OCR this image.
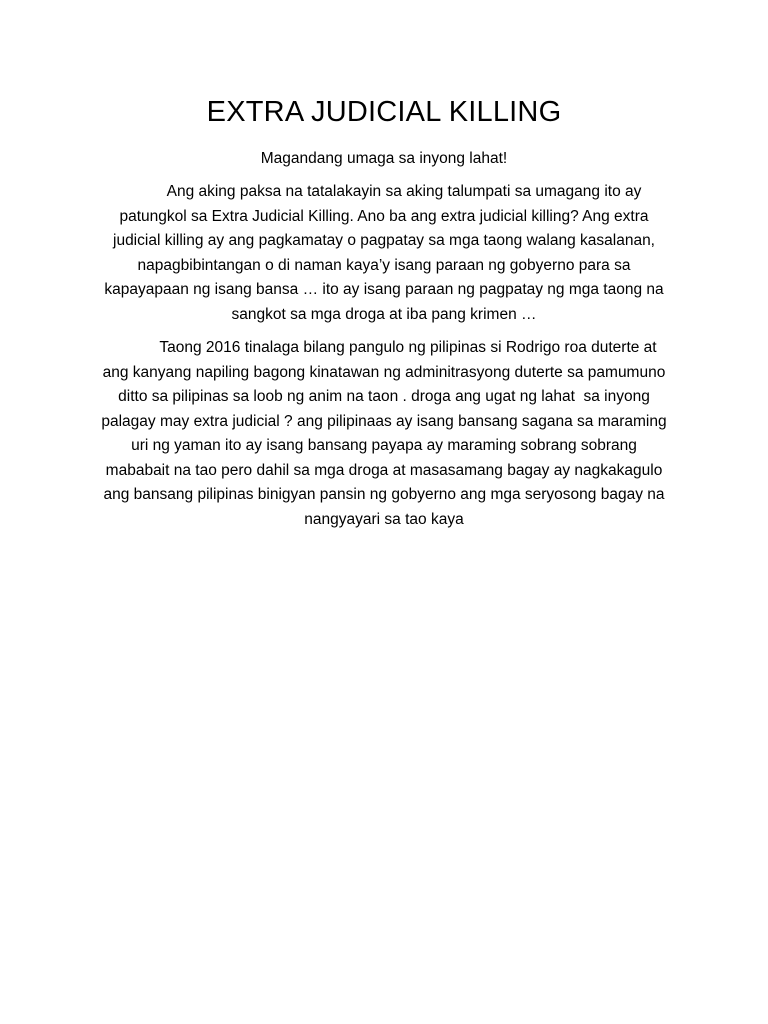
EXTRA JUDICIAL KILLING
Magandang umaga sa inyong lahat!
Ang aking paksa na tatalakayin sa aking talumpati sa umagang ito ay
patungkol sa Extra Judicial Killing. Ano ba ang extra judicial killing? Ang extra
judicial killing ay ang pagkamatay o pagpatay sa mga taong walang kasalanan,
napagbibintangan o di naman kaya’y isang paraan ng gobyerno para sa
kapayapaan ng isang bansa … ito ay isang paraan ng pagpatay ng mga taong na
sangkot sa mga droga at iba pang krimen …
Taong 2016 tinalaga bilang pangulo ng pilipinas si Rodrigo roa duterte at
ang kanyang napiling bagong kinatawan ng adminitrasyong duterte sa pamumuno
ditto sa pilipinas sa loob ng anim na taon . droga ang ugat ng lahat  sa inyong
palagay may extra judicial ? ang pilipinaas ay isang bansang sagana sa maraming
uri ng yaman ito ay isang bansang payapa ay maraming sobrang sobrang
mababait na tao pero dahil sa mga droga at masasamang bagay ay nagkakagulo
ang bansang pilipinas binigyan pansin ng gobyerno ang mga seryosong bagay na
nangyayari sa tao kaya
